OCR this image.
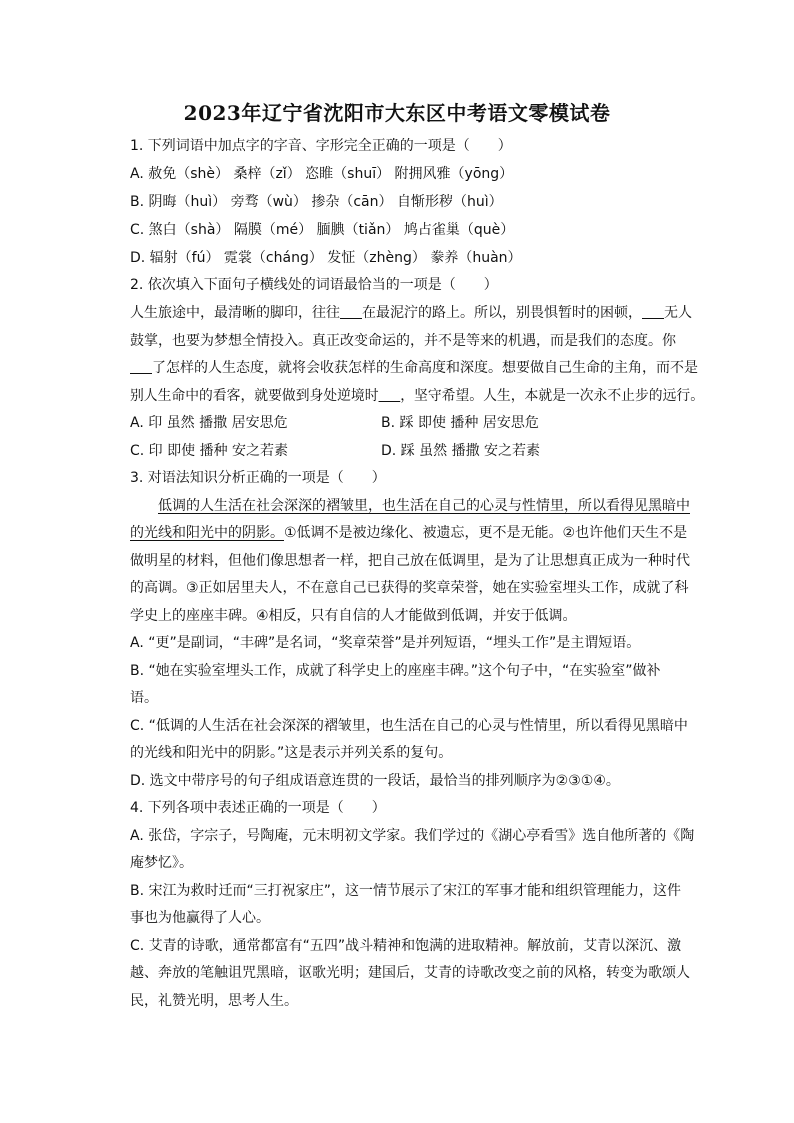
2023年辽宁省沈阳市大东区中考语文零模试卷
1. 下列词语中加点字的字音、字形完全正确的一项是（　　）
A. 赦免（shè） 桑梓（zǐ） 恣睢（shuī） 附拥风雅（yōng）
B. 阴晦（huì） 旁骛（wù） 掺杂（cān） 自惭形秽（huì）
C. 煞白（shà） 隔膜（mé） 腼腆（tiǎn） 鸠占雀巢（què）
D. 辐射（fú） 霓裳（cháng） 发怔（zhèng） 豢养（huàn）
2. 依次填入下面句子横线处的词语最恰当的一项是（　　）
人生旅途中，最清晰的脚印，往往 在最泥泞的路上。所以，别畏惧暂时的困顿， 无人
鼓掌，也要为梦想全情投入。真正改变命运的，并不是等来的机遇，而是我们的态度。你
了怎样的人生态度，就将会收获怎样的生命高度和深度。想要做自己生命的主角，而不是
别人生命中的看客，就要做到身处逆境时 ，坚守希望。人生，本就是一次永不止步的远行。
A. 印 虽然 播撒 居安思危	B. 踩 即使 播种 居安思危
C. 印 即使 播种 安之若素	D. 踩 虽然 播撒 安之若素
3. 对语法知识分析正确的一项是（　　）
低调的人生活在社会深深的褶皱里，也生活在自己的心灵与性情里，所以看得见黑暗中
的光线和阳光中的阴影。①低调不是被边缘化、被遗忘，更不是无能。②也许他们天生不是
做明星的材料，但他们像思想者一样，把自己放在低调里，是为了让思想真正成为一种时代
的高调。③正如居里夫人，不在意自己已获得的奖章荣誉，她在实验室埋头工作，成就了科
学史上的座座丰碑。④相反，只有自信的人才能做到低调，并安于低调。
A. “更”是副词，“丰碑”是名词，“奖章荣誉”是并列短语，“埋头工作”是主谓短语。
B. “她在实验室埋头工作，成就了科学史上的座座丰碑。”这个句子中，“在实验室”做补
语。
C. “低调的人生活在社会深深的褶皱里，也生活在自己的心灵与性情里，所以看得见黑暗中
的光线和阳光中的阴影。”这是表示并列关系的复句。
D. 选文中带序号的句子组成语意连贯的一段话，最恰当的排列顺序为②③①④。
4. 下列各项中表述正确的一项是（　　）
A. 张岱，字宗子，号陶庵，元末明初文学家。我们学过的《湖心亭看雪》选自他所著的《陶
庵梦忆》。
B. 宋江为救时迁而“三打祝家庄”，这一情节展示了宋江的军事才能和组织管理能力，这件
事也为他赢得了人心。
C. 艾青的诗歌，通常都富有“五四”战斗精神和饱满的进取精神。解放前，艾青以深沉、激
越、奔放的笔触诅咒黑暗，讴歌光明；建国后，艾青的诗歌改变之前的风格，转变为歌颂人
民，礼赞光明，思考人生。
